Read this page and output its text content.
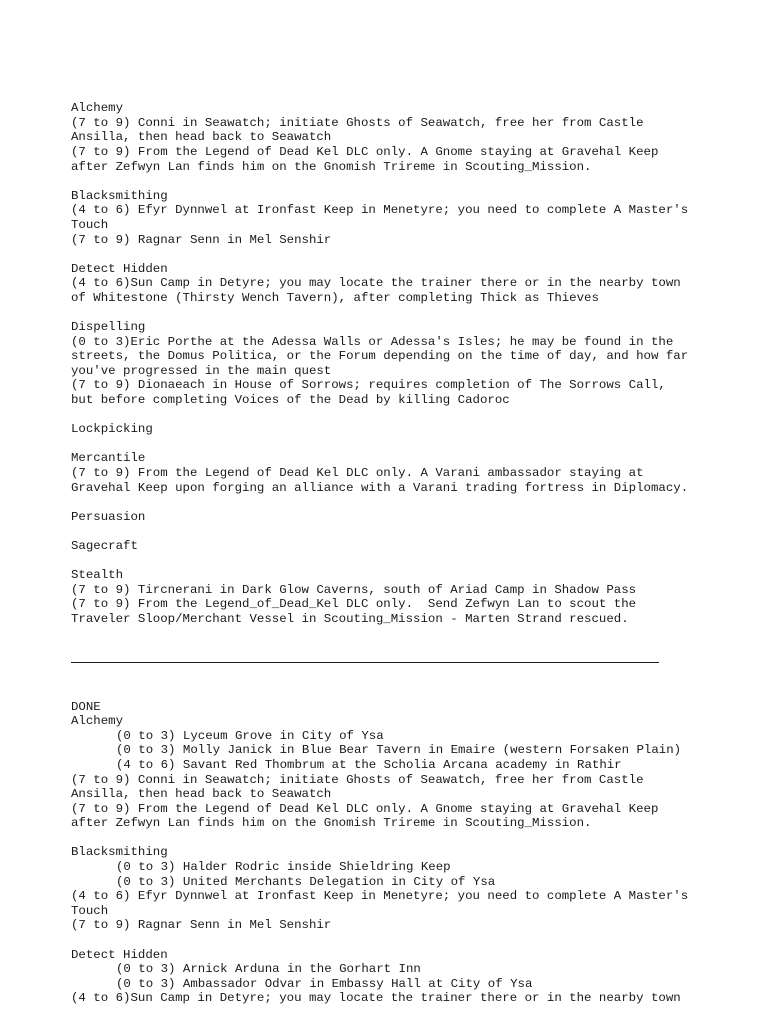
Alchemy
(7 to 9) Conni in Seawatch; initiate Ghosts of Seawatch, free her from Castle
Ansilla, then head back to Seawatch
(7 to 9) From the Legend of Dead Kel DLC only. A Gnome staying at Gravehal Keep
after Zefwyn Lan finds him on the Gnomish Trireme in Scouting_Mission.
Blacksmithing
(4 to 6) Efyr Dynnwel at Ironfast Keep in Menetyre; you need to complete A Master's
Touch
(7 to 9) Ragnar Senn in Mel Senshir
Detect Hidden
(4 to 6)Sun Camp in Detyre; you may locate the trainer there or in the nearby town
of Whitestone (Thirsty Wench Tavern), after completing Thick as Thieves
Dispelling
(0 to 3)Eric Porthe at the Adessa Walls or Adessa's Isles; he may be found in the
streets, the Domus Politica, or the Forum depending on the time of day, and how far
you've progressed in the main quest
(7 to 9) Dionaeach in House of Sorrows; requires completion of The Sorrows Call,
but before completing Voices of the Dead by killing Cadoroc
Lockpicking
Mercantile
(7 to 9) From the Legend of Dead Kel DLC only. A Varani ambassador staying at
Gravehal Keep upon forging an alliance with a Varani trading fortress in Diplomacy.
Persuasion
Sagecraft
Stealth
(7 to 9) Tircnerani in Dark Glow Caverns, south of Ariad Camp in Shadow Pass
(7 to 9) From the Legend_of_Dead_Kel DLC only.  Send Zefwyn Lan to scout the
Traveler Sloop/Merchant Vessel in Scouting_Mission - Marten Strand rescued.

DONE
Alchemy
(0 to 3) Lyceum Grove in City of Ysa
(0 to 3) Molly Janick in Blue Bear Tavern in Emaire (western Forsaken Plain)
(4 to 6) Savant Red Thombrum at the Scholia Arcana academy in Rathir
(7 to 9) Conni in Seawatch; initiate Ghosts of Seawatch, free her from Castle
Ansilla, then head back to Seawatch
(7 to 9) From the Legend of Dead Kel DLC only. A Gnome staying at Gravehal Keep
after Zefwyn Lan finds him on the Gnomish Trireme in Scouting_Mission.
Blacksmithing
(0 to 3) Halder Rodric inside Shieldring Keep
(0 to 3) United Merchants Delegation in City of Ysa
(4 to 6) Efyr Dynnwel at Ironfast Keep in Menetyre; you need to complete A Master's
Touch
(7 to 9) Ragnar Senn in Mel Senshir
Detect Hidden
(0 to 3) Arnick Arduna in the Gorhart Inn
(0 to 3) Ambassador Odvar in Embassy Hall at City of Ysa
(4 to 6)Sun Camp in Detyre; you may locate the trainer there or in the nearby town
